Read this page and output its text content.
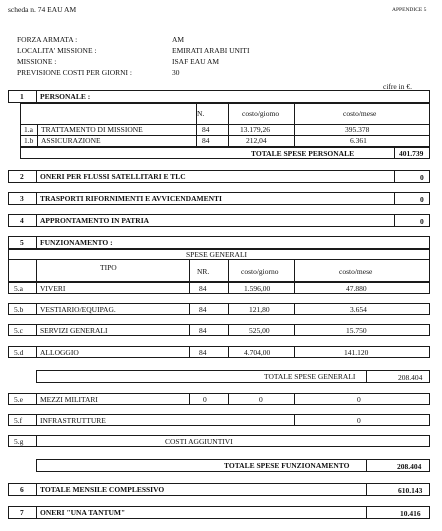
scheda n. 74 EAU AM	APPENDICE 5
FORZA ARMATA :	AM
LOCALITA' MISSIONE :	EMIRATI ARABI UNITI
MISSIONE :	ISAF EAU AM
PREVISIONE COSTI PER GIORNI :	30
cifre in €.
1 PERSONALE :
N.	costo/giomo	costo/mese
1.a TRATTAMENTO DI MISSIONE	84	13.179,26	395.378
1.b ASSICURAZIONE	84	212,04	6.361
TOTALE SPESE PERSONALE	401.739
2 ONERI PER FLUSSI SATELLITARI E TLC	0
3 TRASPORTI RIFORNIMENTI E AVVICENDAMENTI	0
4 APPRONTAMENTO IN PATRIA	0
5 FUNZIONAMENTO :
SPESE GENERALI
TIPO	NR.	costo/giorno	costo/mese
5.a VIVERI	84	1.596,00	47.880
5.b VESTIARIO/EQUIPAG.	84	121,80	3.654
5.c SERVIZI GENERALI	84	525,00	15.750
5.d ALLOGGIO	84	4.704,00	141.120
TOTALE SPESE GENERALI	208.404
5.e MEZZI MILITARI	0	0	0
5.f INFRASTRUTTURE	0
5.g	COSTI AGGIUNTIVI
TOTALE SPESE FUNZIONAMENTO	208.404
6 TOTALE MENSILE COMPLESSIVO	610.143
7 ONERI "UNA TANTUM"	10.416
